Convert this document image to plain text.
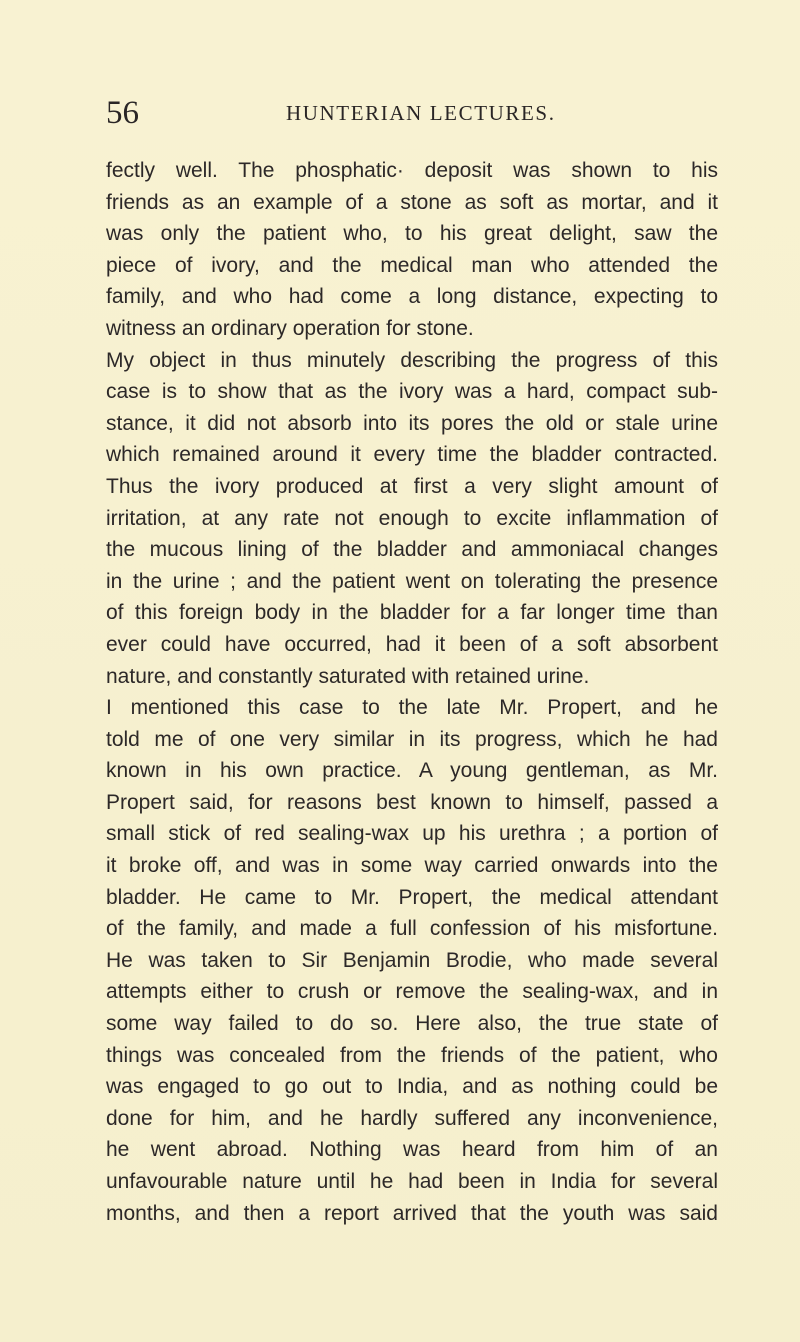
56	HUNTERIAN LECTURES.
fectly well. The phosphatic· deposit was shown to his
friends as an example of a stone as soft as mortar, and it
was only the patient who, to his great delight, saw the
piece of ivory, and the medical man who attended the
family, and who had come a long distance, expecting to
witness an ordinary operation for stone.
My object in thus minutely describing the progress of this
case is to show that as the ivory was a hard, compact sub-
stance, it did not absorb into its pores the old or stale urine
which remained around it every time the bladder contracted.
Thus the ivory produced at first a very slight amount of
irritation, at any rate not enough to excite inflammation of
the mucous lining of the bladder and ammoniacal changes
in the urine ; and the patient went on tolerating the presence
of this foreign body in the bladder for a far longer time than
ever could have occurred, had it been of a soft absorbent
nature, and constantly saturated with retained urine.
I mentioned this case to the late Mr. Propert, and he
told me of one very similar in its progress, which he had
known in his own practice. A young gentleman, as Mr.
Propert said, for reasons best known to himself, passed a
small stick of red sealing-wax up his urethra ; a portion of
it broke off, and was in some way carried onwards into the
bladder. He came to Mr. Propert, the medical attendant
of the family, and made a full confession of his misfortune.
He was taken to Sir Benjamin Brodie, who made several
attempts either to crush or remove the sealing-wax, and in
some way failed to do so. Here also, the true state of
things was concealed from the friends of the patient, who
was engaged to go out to India, and as nothing could be
done for him, and he hardly suffered any inconvenience,
he went abroad. Nothing was heard from him of an
unfavourable nature until he had been in India for several
months, and then a report arrived that the youth was said
